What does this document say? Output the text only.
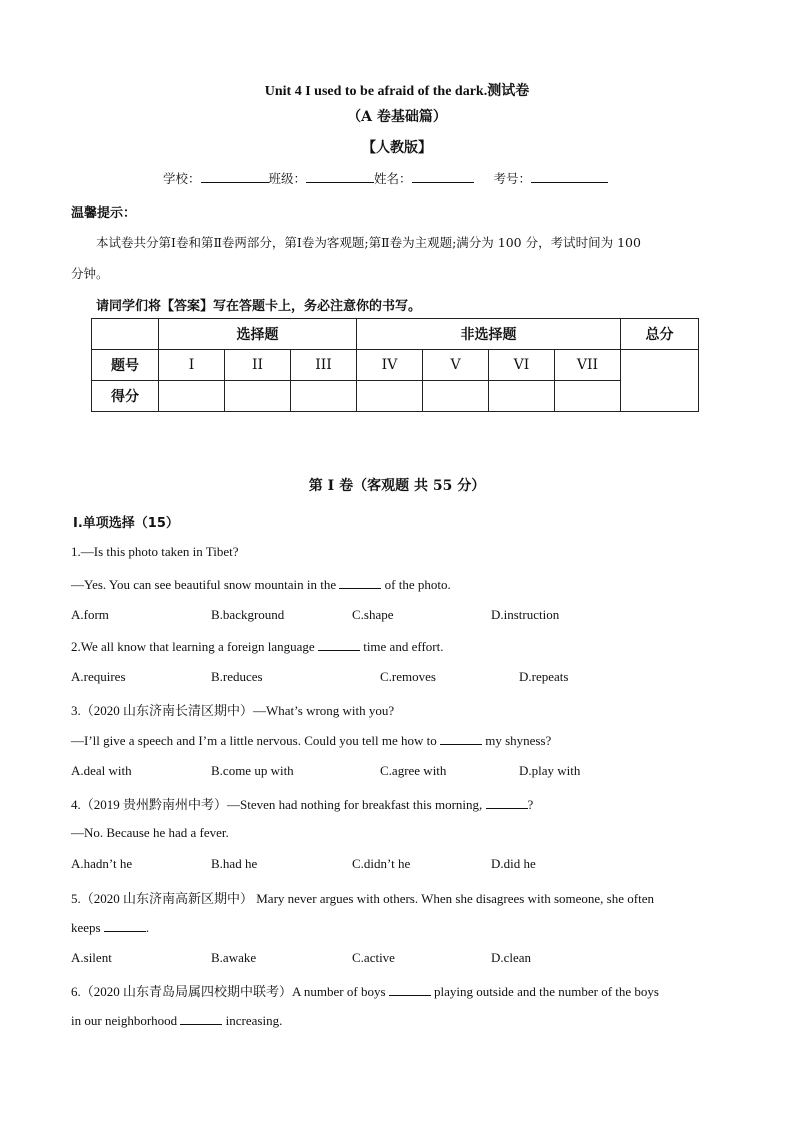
Unit 4 I used to be afraid of the dark.测试卷
（A 卷基础篇）
【人教版】
学校：	班级：	姓名：	考号：
温馨提示：
本试卷共分第Ⅰ卷和第Ⅱ卷两部分，第Ⅰ卷为客观题;第Ⅱ卷为主观题;满分为 100 分，考试时间为 100
分钟。
请同学们将【答案】写在答题卡上，务必注意你的书写。
	选择题			非选择题				总分
题号	I	II	III	IV	V	VI	VII	
得分								
第 I 卷（客观题 共 55 分）
Ⅰ.单项选择（15）
1.—Is this photo taken in Tibet?
—Yes. You can see beautiful snow mountain in the	of the photo.
A.form	B.background	C.shape	D.instruction
2.We all know that learning a foreign language	time and effort.
A.requires	B.reduces	C.removes	D.repeats
3.（2020 山东济南长清区期中）—What’s wrong with you?
—I’ll give a speech and I’m a little nervous. Could you tell me how to	my shyness?
A.deal with	B.come up with	C.agree with	D.play with
4.（2019 贵州黔南州中考）—Steven had nothing for breakfast this morning,	?
—No. Because he had a fever.
A.hadn’t he	B.had he	C.didn’t he	D.did he
5.（2020 山东济南高新区期中） Mary never argues with others. When she disagrees with someone, she often
keeps	.
A.silent	B.awake	C.active	D.clean
6.（2020 山东青岛局属四校期中联考）A number of boys	playing outside and the number of the boys
in our neighborhood	increasing.
